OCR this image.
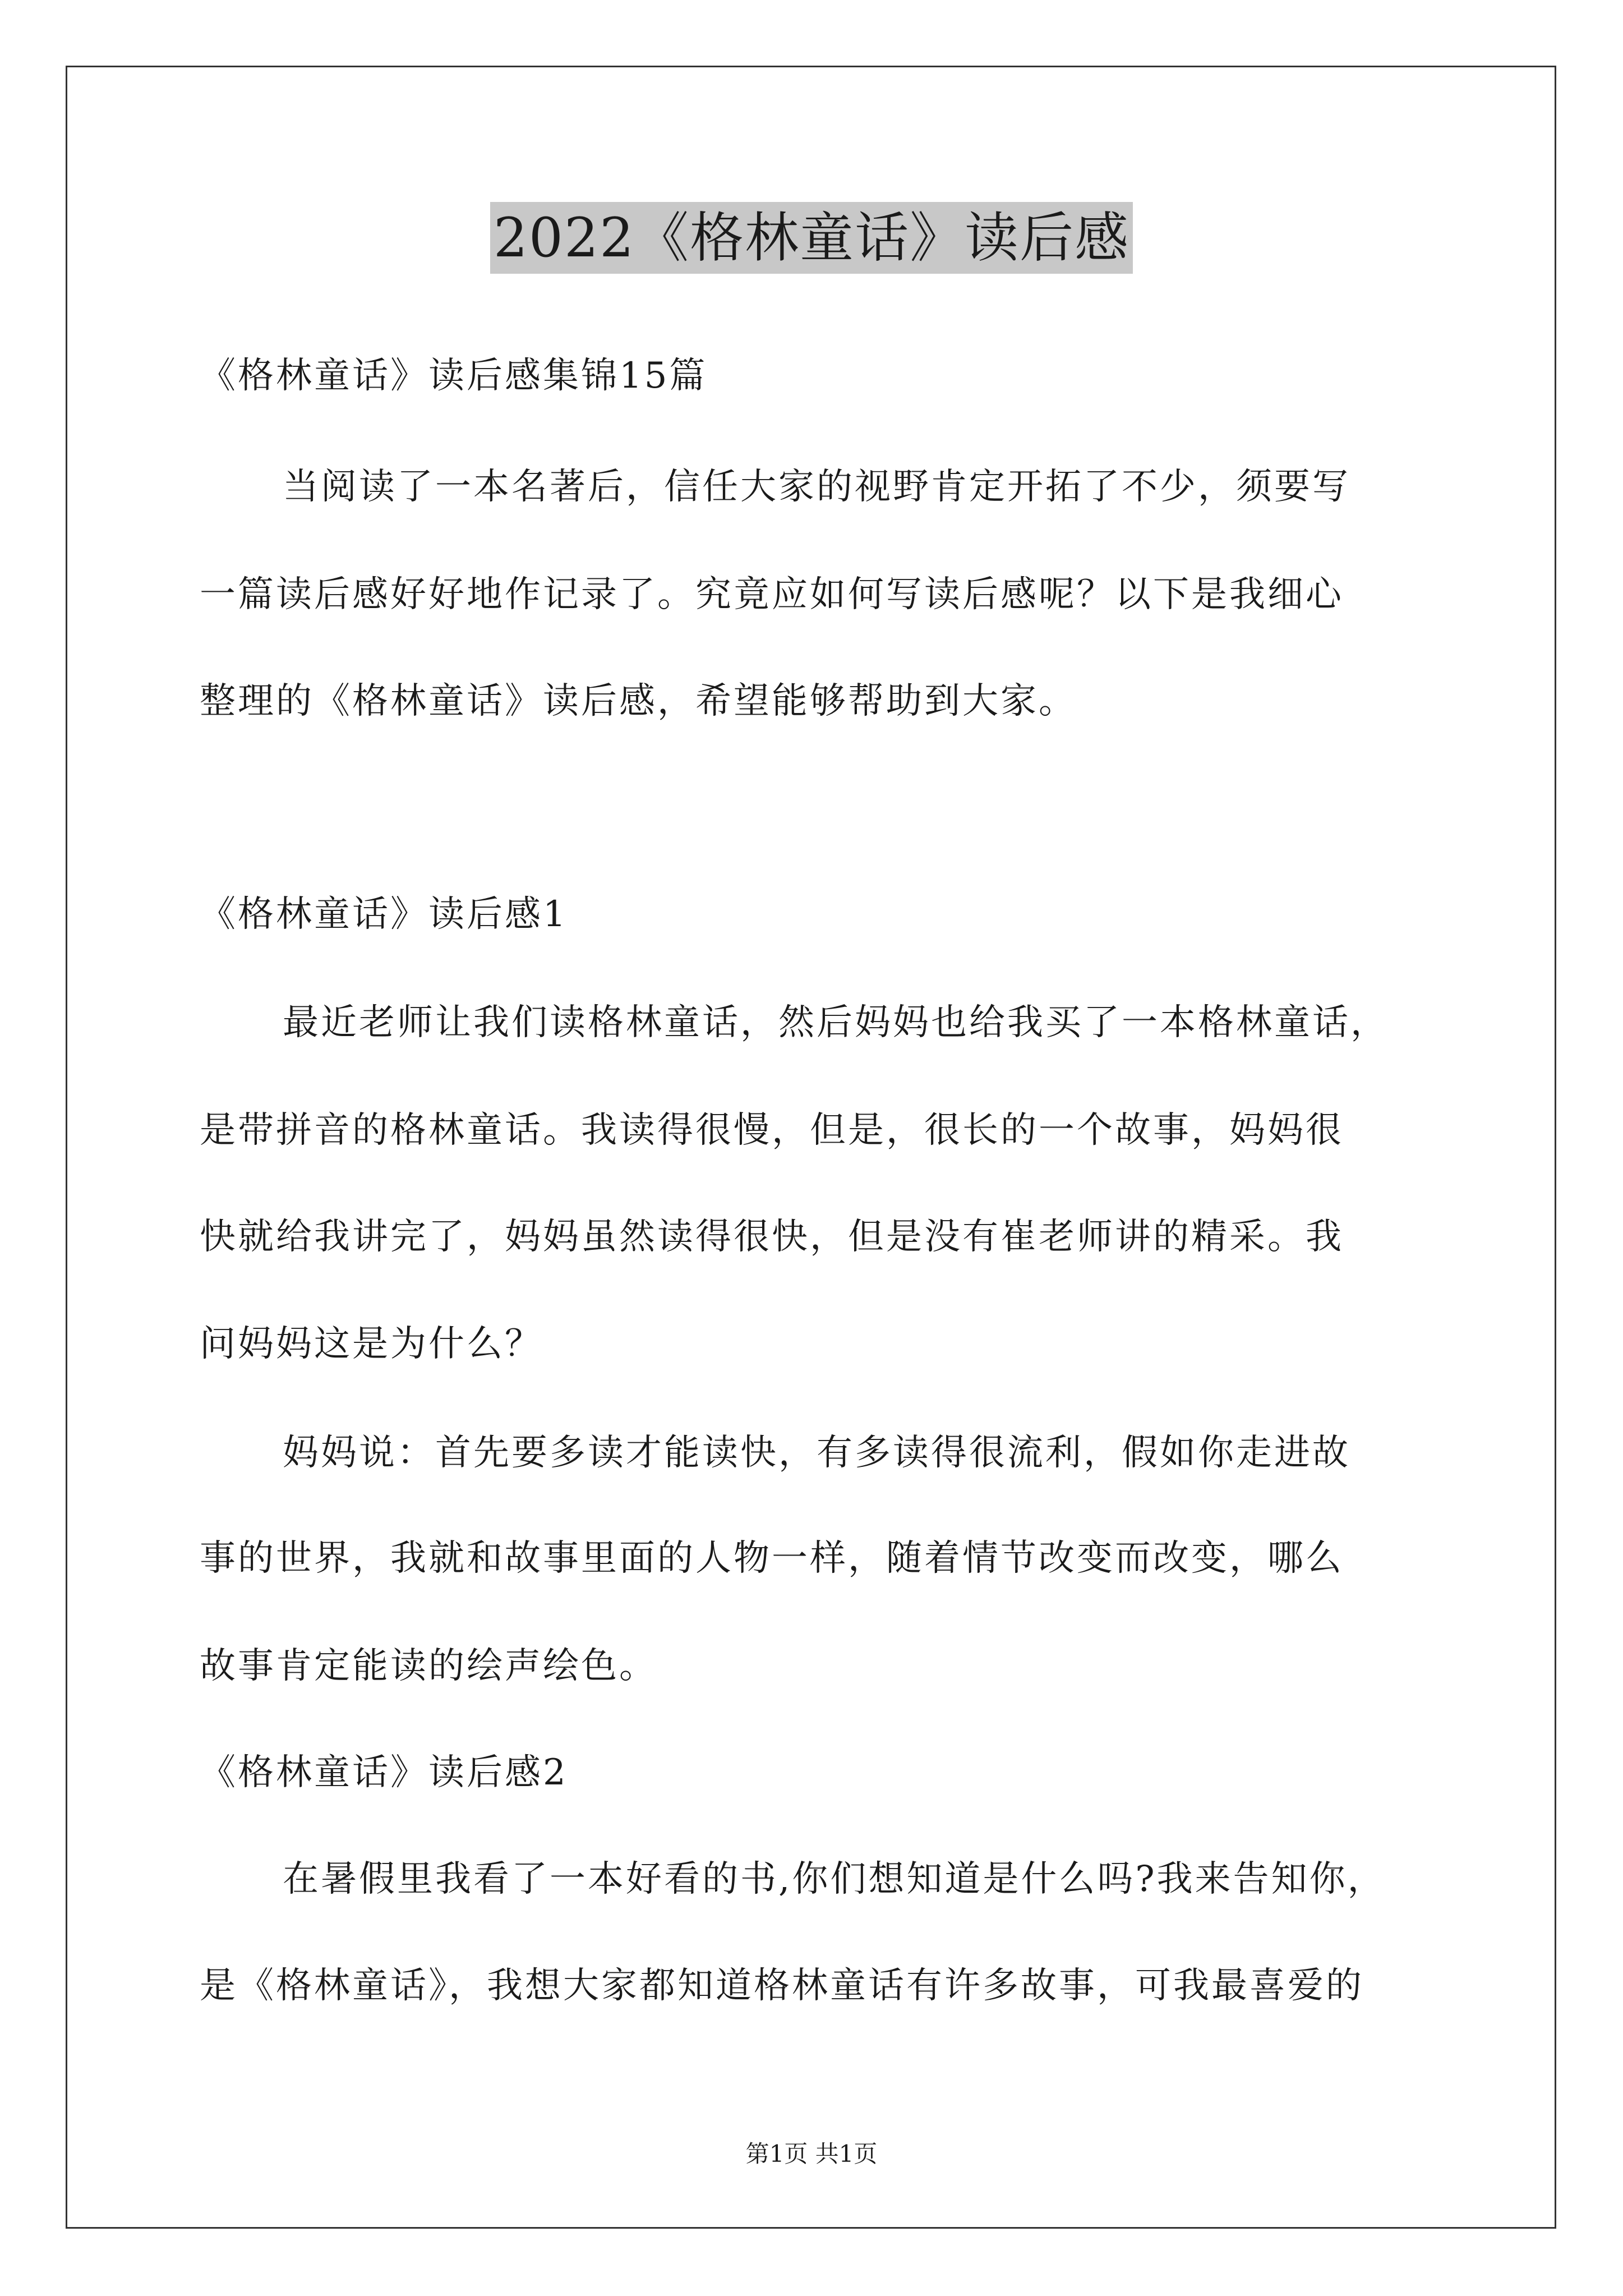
2022《格林童话》读后感
《格林童话》读后感集锦15篇
当阅读了一本名著后，信任大家的视野肯定开拓了不少，须要写
一篇读后感好好地作记录了。究竟应如何写读后感呢？以下是我细心
整理的《格林童话》读后感，希望能够帮助到大家。
《格林童话》读后感1
最近老师让我们读格林童话，然后妈妈也给我买了一本格林童话，
是带拼音的格林童话。我读得很慢，但是，很长的一个故事，妈妈很
快就给我讲完了，妈妈虽然读得很快，但是没有崔老师讲的精采。我
问妈妈这是为什么？
妈妈说：首先要多读才能读快，有多读得很流利，假如你走进故
事的世界，我就和故事里面的人物一样，随着情节改变而改变，哪么
故事肯定能读的绘声绘色。
《格林童话》读后感2
在暑假里我看了一本好看的书,你们想知道是什么吗?我来告知你，
是《格林童话》，我想大家都知道格林童话有许多故事，可我最喜爱的
第1页 共1页
